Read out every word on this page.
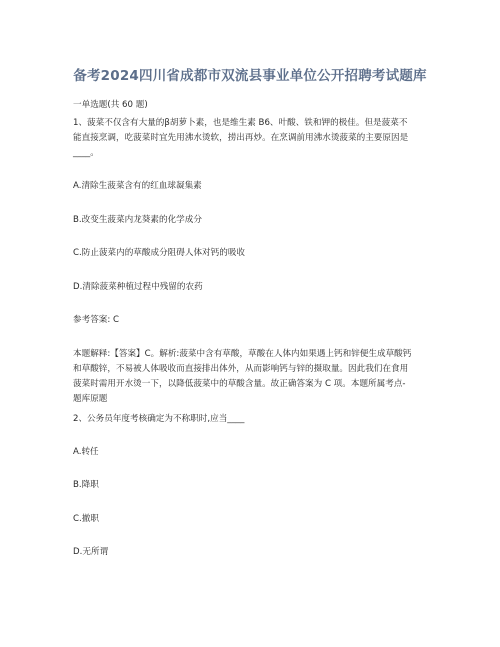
备考2024四川省成都市双流县事业单位公开招聘考试题库
一单选题(共 60 题)
1、菠菜不仅含有大量的β胡萝卜素，也是维生素 B6、叶酸、铁和钾的极佳。但是菠菜不
能直接烹调，吃菠菜时宜先用沸水烫软，捞出再炒。在烹调前用沸水烫菠菜的主要原因是
____。
A.清除生菠菜含有的红血球凝集素
B.改变生菠菜内龙葵素的化学成分
C.防止菠菜内的草酸成分阻碍人体对钙的吸收
D.清除菠菜种植过程中残留的农药
参考答案: C
本题解释:【答案】C。解析:菠菜中含有草酸，草酸在人体内如果遇上钙和锌便生成草酸钙
和草酸锌，不易被人体吸收而直接排出体外，从而影响钙与锌的摄取量。因此我们在食用
菠菜时需用开水烫一下，以降低菠菜中的草酸含量。故正确答案为 C 项。本题所属考点-
题库原题
2、公务员年度考核确定为不称职时,应当____
A.转任
B.降职
C.撤职
D.无所谓
